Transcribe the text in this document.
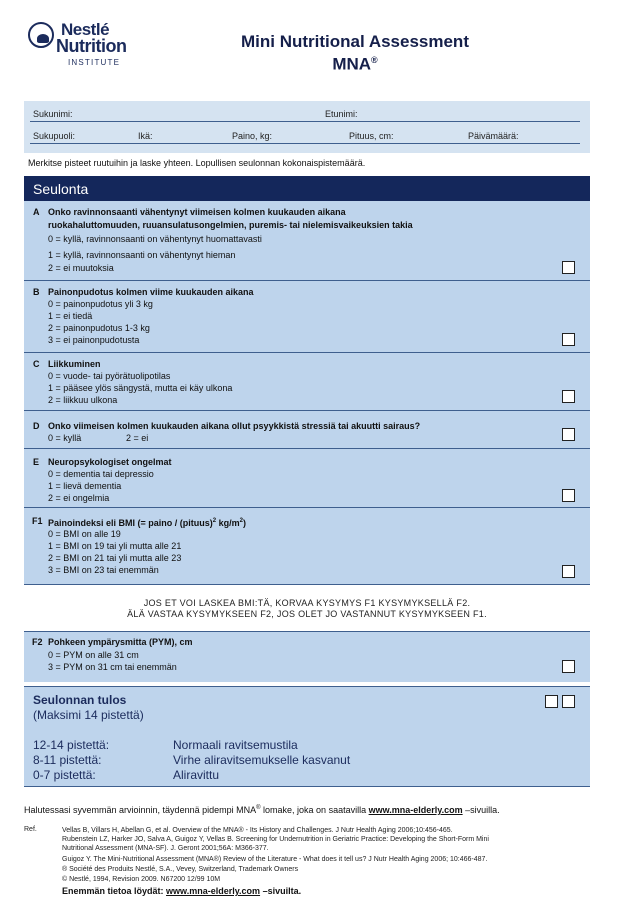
Nestlé
Nutrition
INSTITUTE
Mini Nutritional Assessment
MNA®
Sukunimi:	Etunimi:
Sukupuoli:	Ikä:	Paino, kg:	Pituus, cm:	Päivämäärä:
Merkitse pisteet ruutuihin ja laske yhteen. Lopullisen seulonnan kokonaispistemäärä.
Seulonta
A Onko ravinnonsaanti vähentynyt viimeisen kolmen kuukauden aikana
ruokahaluttomuuden, ruuansulatusongelmien, puremis- tai nielemisvaikeuksien takia
0 = kyllä, ravinnonsaanti on vähentynyt huomattavasti
1 = kyllä, ravinnonsaanti on vähentynyt hieman
2 = ei muutoksia
B Painonpudotus kolmen viime kuukauden aikana
0 = painonpudotus yli 3 kg
1 = ei tiedä
2 = painonpudotus 1-3 kg
3 = ei painonpudotusta
C Liikkuminen
0 = vuode- tai pyörätuolipotilas
1 = pääsee ylös sängystä, mutta ei käy ulkona
2 = liikkuu ulkona
D Onko viimeisen kolmen kuukauden aikana ollut psyykkistä stressiä tai akuutti sairaus?
0 = kyllä	2 = ei
E Neuropsykologiset ongelmat
0 = dementia tai depressio
1 = lievä dementia
2 = ei ongelmia
F1 Painoindeksi eli BMI (= paino / (pituus)$^2$ $kg/m^2$)
0 = BMI on alle 19
1 = BMI on 19 tai yli mutta alle 21
2 = BMI on 21 tai yli mutta alle 23
3 = BMI on 23 tai enemmän
JOS ET VOI LASKEA BMI:TÄ, KORVAA KYSYMYS F1 KYSYMYKSELLÄ F2.
ÄLÄ VASTAA KYSYMYKSEEN F2, JOS OLET JO VASTANNUT KYSYMYKSEEN F1.
F2 Pohkeen ympärysmitta (PYM), cm
0 = PYM on alle 31 cm
3 = PYM on 31 cm tai enemmän
Seulonnan tulos
(Maksimi 14 pistettä)
12-14 pistettä:	Normaali ravitsemustila
8-11 pistettä:	Virhe aliravitsemukselle kasvanut
0-7 pistettä:	Aliravittu
Halutessasi syvemmän arvioinnin, täydennä pidempi MNA® lomake, joka on saatavilla www.mna-elderly.com –sivuilla.
Ref.	Vellas B, Villars H, Abellan G, et al. Overview of the MNA® - Its History and Challenges. J Nutr Health Aging 2006;10:456-465.
Rubenstein LZ, Harker JO, Salva A, Guigoz Y, Vellas B. Screening for Undernutrition in Geriatric Practice: Developing the Short-Form Mini
Nutritional Assessment (MNA-SF). J. Geront 2001;56A: M366-377.
Guigoz Y. The Mini-Nutritional Assessment (MNA®) Review of the Literature - What does it tell us? J Nutr Health Aging 2006; 10:466-487.
® Société des Produits Nestlé, S.A., Vevey, Switzerland, Trademark Owners
© Nestlé, 1994, Revision 2009. N67200 12/99 10M
Enemmän tietoa löydät: www.mna-elderly.com –sivuilta.
